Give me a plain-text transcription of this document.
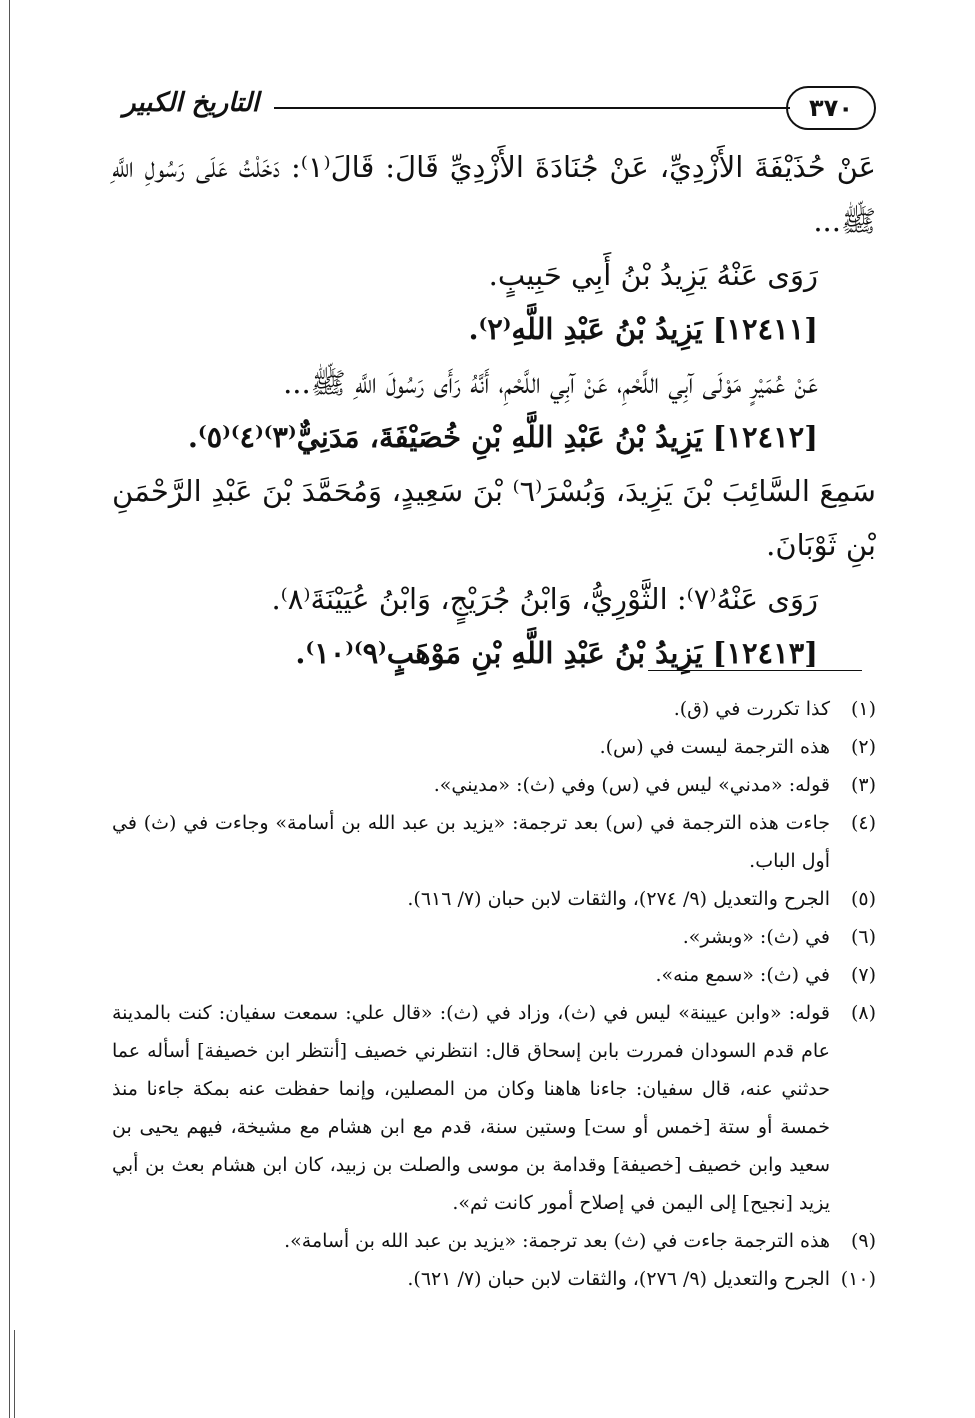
٣٧٠
التاريخ الكبير

عَنْ حُذَيْفَةَ الأَزْدِيِّ، عَنْ جُنَادَةَ الأَزْدِيِّ قَالَ: قَالَ⁽١⁾: دَخَلْتُ عَلَى رَسُولِ اللَّهِ ﷺ...

رَوَى عَنْهُ يَزِيدُ بْنُ أَبِي حَبِيبٍ.

[١٢٤١١] يَزِيدُ بْنُ عَبْدِ اللَّهِ⁽٢⁾.

عَنْ عُمَيْرٍ مَوْلَى آبِي اللَّحْمِ، عَنْ آبِي اللَّحْمِ، أَنَّهُ رَأَى رَسُولَ اللَّهِ ﷺ...

[١٢٤١٢] يَزِيدُ بْنُ عَبْدِ اللَّهِ بْنِ خُصَيْفَةَ، مَدَنِيٌّ⁽٣⁾⁽٤⁾⁽٥⁾.

سَمِعَ السَّائِبَ بْنَ يَزِيدَ، وَبُسْرَ⁽٦⁾ بْنَ سَعِيدٍ، وَمُحَمَّدَ بْنَ عَبْدِ الرَّحْمَنِ بْنِ ثَوْبَانَ.

رَوَى عَنْهُ⁽٧⁾: الثَّوْرِيُّ، وَابْنُ جُرَيْجٍ، وَابْنُ عُيَيْنَةَ⁽٨⁾.

[١٢٤١٣] يَزِيدُ بْنُ عَبْدِ اللَّهِ بْنِ مَوْهَبٍ⁽٩⁾⁽١٠⁾.

(١)
كذا تكررت في (ق).
(٢)
هذه الترجمة ليست في (س).
(٣)
قوله: «مدني» ليس في (س) وفي (ث): «مديني».
(٤)
جاءت هذه الترجمة في (س) بعد ترجمة: «يزيد بن عبد الله بن أسامة» وجاءت في (ث) في أول الباب.
(٥)
الجرح والتعديل (٩/ ٢٧٤)، والثقات لابن حبان (٧/ ٦١٦).
(٦)
في (ث): «وبشر».
(٧)
في (ث): «سمع منه».
(٨)
قوله: «وابن عيينة» ليس في (ث)، وزاد في (ث): «قال علي: سمعت سفيان: كنت بالمدينة عام قدم السودان فمررت بابن إسحاق قال: انتظرني خصيف [أنتظر ابن خصيفة] أسأله عما حدثني عنه، قال سفيان: جاءنا هاهنا وكان من المصلين، وإنما حفظت عنه بمكة جاءنا منذ خمسة أو ستة [خمس أو ست] وستين سنة، قدم مع ابن هشام مع مشيخة، فيهم يحيى بن سعيد وابن خصيف [خصيفة] وقدامة بن موسى والصلت بن زبيد، كان ابن هشام بعث بن أبي يزيد [نجيح] إلى اليمن في إصلاح أمور كانت ثم».
(٩)
هذه الترجمة جاءت في (ث) بعد ترجمة: «يزيد بن عبد الله بن أسامة».
(١٠)
الجرح والتعديل (٩/ ٢٧٦)، والثقات لابن حبان (٧/ ٦٢١).
